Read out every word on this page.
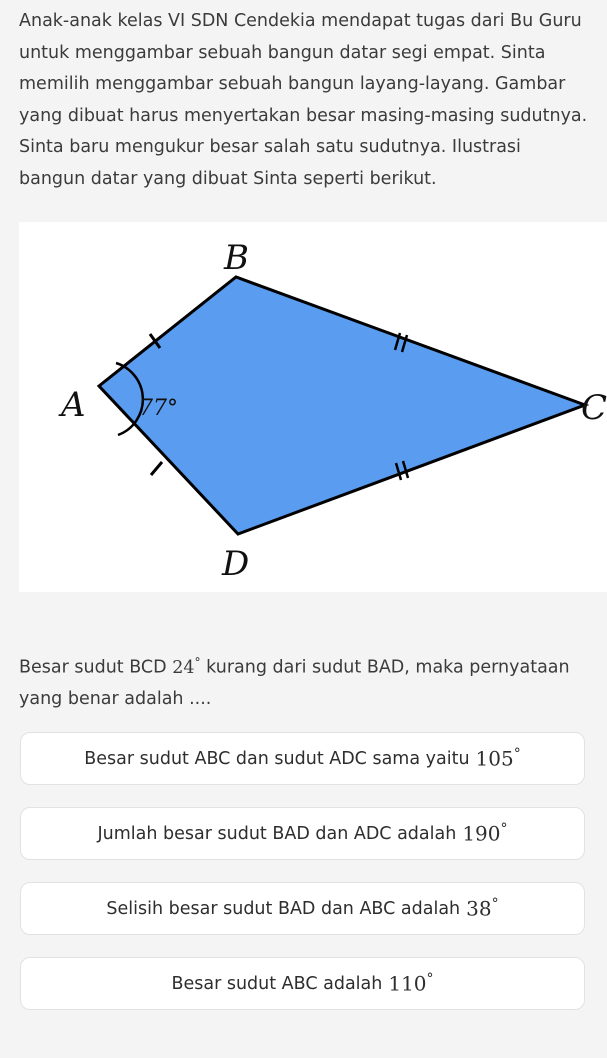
Anak-anak kelas VI SDN Cendekia mendapat tugas dari Bu Guru untuk menggambar sebuah bangun datar segi empat. Sinta memilih menggambar sebuah bangun layang-layang. Gambar yang dibuat harus menyertakan besar masing-masing sudutnya. Sinta baru mengukur besar salah satu sudutnya. Ilustrasi bangun datar yang dibuat Sinta seperti berikut.

77°
A
B
C
D

Besar sudut BCD 24° kurang dari sudut BAD, maka pernyataan yang benar adalah ....

Besar sudut ABC dan sudut ADC sama yaitu 105°
Jumlah besar sudut BAD dan ADC adalah 190°
Selisih besar sudut BAD dan ABC adalah 38°
Besar sudut ABC adalah 110°
